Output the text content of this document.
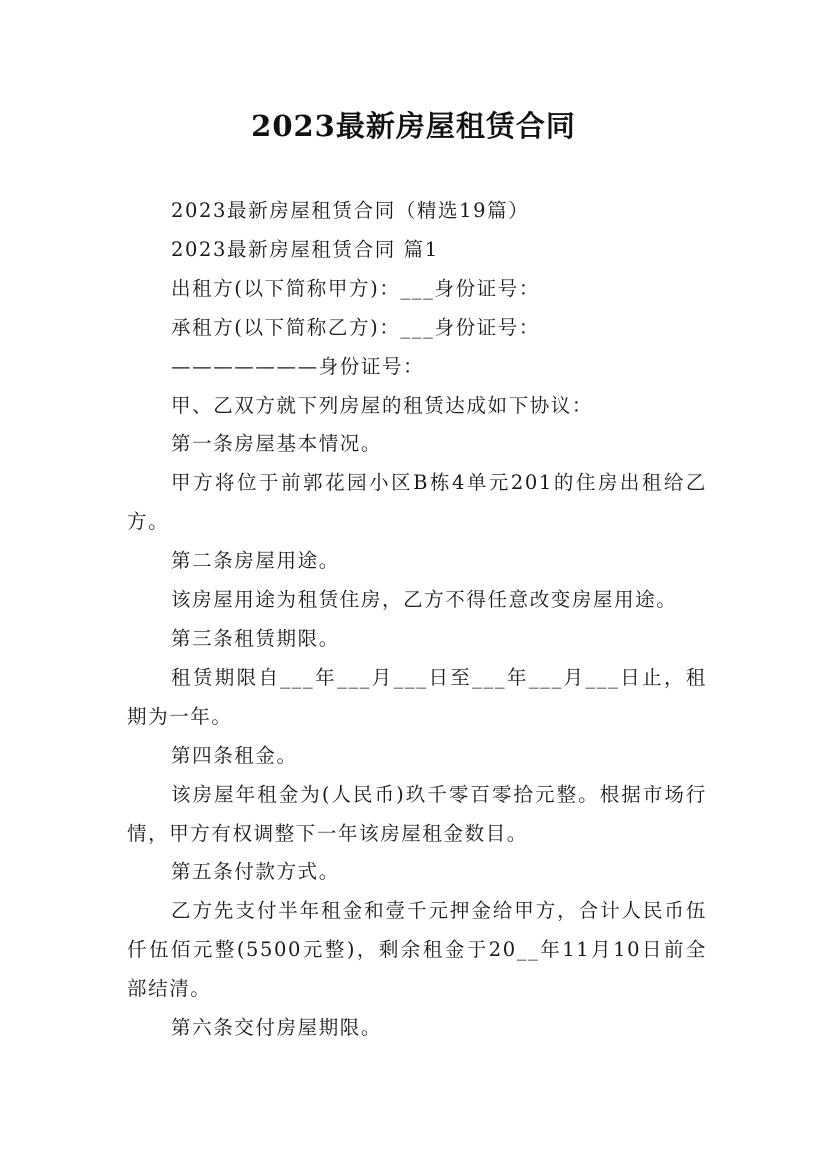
2023最新房屋租赁合同

2023最新房屋租赁合同（精选19篇）

2023最新房屋租赁合同 篇1

出租方(以下简称甲方)：___身份证号：

承租方(以下简称乙方)：___身份证号：

———————身份证号：

甲、乙双方就下列房屋的租赁达成如下协议：

第一条房屋基本情况。

甲方将位于前郭花园小区B栋4单元201的住房出租给乙方。

第二条房屋用途。

该房屋用途为租赁住房，乙方不得任意改变房屋用途。

第三条租赁期限。

租赁期限自___年___月___日至___年___月___日止，租期为一年。

第四条租金。

该房屋年租金为(人民币)玖千零百零拾元整。根据市场行情，甲方有权调整下一年该房屋租金数目。

第五条付款方式。

乙方先支付半年租金和壹千元押金给甲方，合计人民币伍仟伍佰元整(5500元整)，剩余租金于20__年11月10日前全部结清。

第六条交付房屋期限。
